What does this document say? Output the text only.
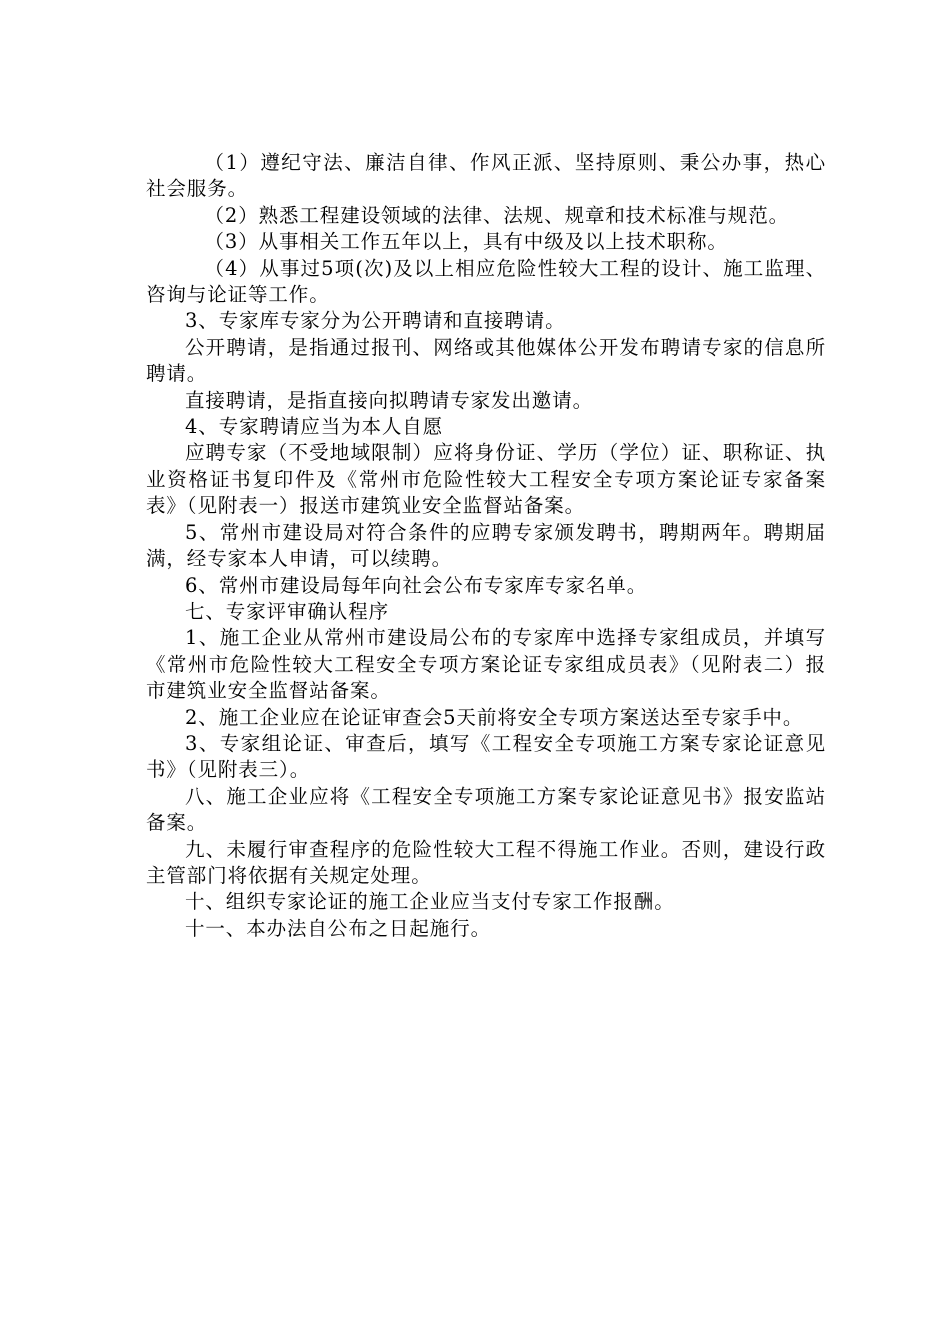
（1）遵纪守法、廉洁自律、作风正派、坚持原则、秉公办事，热心社会服务。

（2）熟悉工程建设领域的法律、法规、规章和技术标准与规范。

（3）从事相关工作五年以上，具有中级及以上技术职称。

（4）从事过5项(次)及以上相应危险性较大工程的设计、施工监理、咨询与论证等工作。

3、专家库专家分为公开聘请和直接聘请。

公开聘请，是指通过报刊、网络或其他媒体公开发布聘请专家的信息所聘请。

直接聘请，是指直接向拟聘请专家发出邀请。

4、专家聘请应当为本人自愿

应聘专家（不受地域限制）应将身份证、学历（学位）证、职称证、执业资格证书复印件及《常州市危险性较大工程安全专项方案论证专家备案表》（见附表一）报送市建筑业安全监督站备案。

5、常州市建设局对符合条件的应聘专家颁发聘书，聘期两年。聘期届满，经专家本人申请，可以续聘。

6、常州市建设局每年向社会公布专家库专家名单。

七、专家评审确认程序

1、施工企业从常州市建设局公布的专家库中选择专家组成员，并填写《常州市危险性较大工程安全专项方案论证专家组成员表》（见附表二）报市建筑业安全监督站备案。

2、施工企业应在论证审查会5天前将安全专项方案送达至专家手中。

3、专家组论证、审查后，填写《工程安全专项施工方案专家论证意见书》（见附表三）。

八、施工企业应将《工程安全专项施工方案专家论证意见书》报安监站备案。

九、未履行审查程序的危险性较大工程不得施工作业。否则，建设行政主管部门将依据有关规定处理。

十、组织专家论证的施工企业应当支付专家工作报酬。

十一、本办法自公布之日起施行。
